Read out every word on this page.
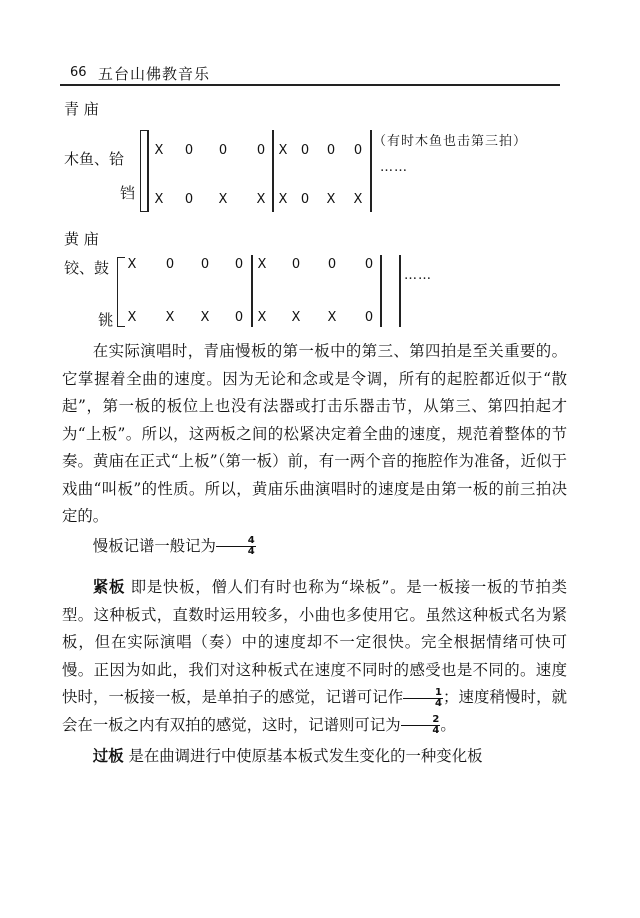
66 五台山佛教音乐
青 庙
木鱼、铪
铛
X 0 0 0 X 0 0 0
X 0 X X X 0 X X
（有时木鱼也击第三拍）
……
黄 庙
铰、鼓
铫
X 0 0 0 X 0 0 0
X X X 0 X X X 0
……

在实际演唱时，青庙慢板的第一板中的第三、第四拍是至关重要的。它掌握着全曲的速度。因为无论和念或是令调，所有的起腔都近似于“散起”，第一板的板位上也没有法器或打击乐器击节，从第三、第四拍起才为“上板”。所以，这两板之间的松紧决定着全曲的速度，规范着整体的节奏。黄庙在正式“上板”（第一板）前，有一两个音的拖腔作为准备，近似于戏曲“叫板”的性质。所以，黄庙乐曲演唱时的速度是由第一板的前三拍决定的。

慢板记谱一般记为 $\frac{4}{4}$

紧板 即是快板，僧人们有时也称为“垛板”。是一板接一板的节拍类型。这种板式，直数时运用较多，小曲也多使用它。虽然这种板式名为紧板，但在实际演唱（奏）中的速度却不一定很快。完全根据情绪可快可慢。正因为如此，我们对这种板式在速度不同时的感受也是不同的。速度快时，一板接一板，是单拍子的感觉，记谱可记作 $\frac{1}{4}$ ；速度稍慢时，就会在一板之内有双拍的感觉，这时，记谱则可记为 $\frac{2}{4}$ 。

过板 是在曲调进行中使原基本板式发生变化的一种变化板
